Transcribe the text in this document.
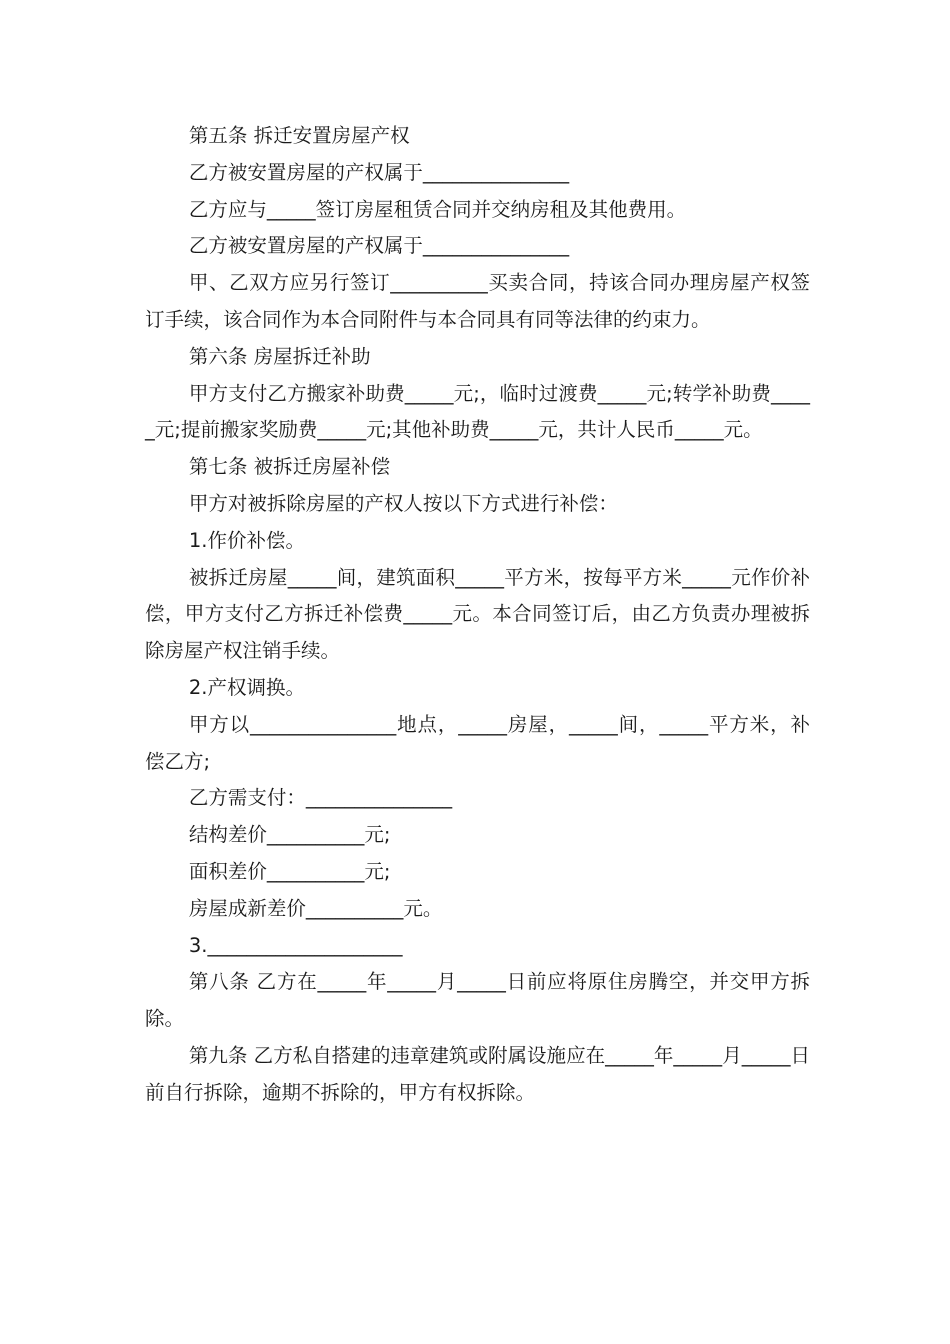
第五条 拆迁安置房屋产权

乙方被安置房屋的产权属于_______________

乙方应与_____签订房屋租赁合同并交纳房租及其他费用。

乙方被安置房屋的产权属于_______________

甲、乙双方应另行签订__________买卖合同，持该合同办理房屋产权签订手续，该合同作为本合同附件与本合同具有同等法律的约束力。

第六条 房屋拆迁补助

甲方支付乙方搬家补助费_____元;，临时过渡费_____元;转学补助费_____元;提前搬家奖励费_____元;其他补助费_____元，共计人民币_____元。

第七条 被拆迁房屋补偿

甲方对被拆除房屋的产权人按以下方式进行补偿：

1.作价补偿。

被拆迁房屋_____间，建筑面积_____平方米，按每平方米_____元作价补偿，甲方支付乙方拆迁补偿费_____元。本合同签订后，由乙方负责办理被拆除房屋产权注销手续。

2.产权调换。

甲方以_______________地点，_____房屋，_____间，_____平方米，补偿乙方;

乙方需支付：_______________

结构差价__________元;

面积差价__________元;

房屋成新差价__________元。

3.____________________

第八条 乙方在_____年_____月_____日前应将原住房腾空，并交甲方拆除。

第九条 乙方私自搭建的违章建筑或附属设施应在_____年_____月_____日前自行拆除，逾期不拆除的，甲方有权拆除。
